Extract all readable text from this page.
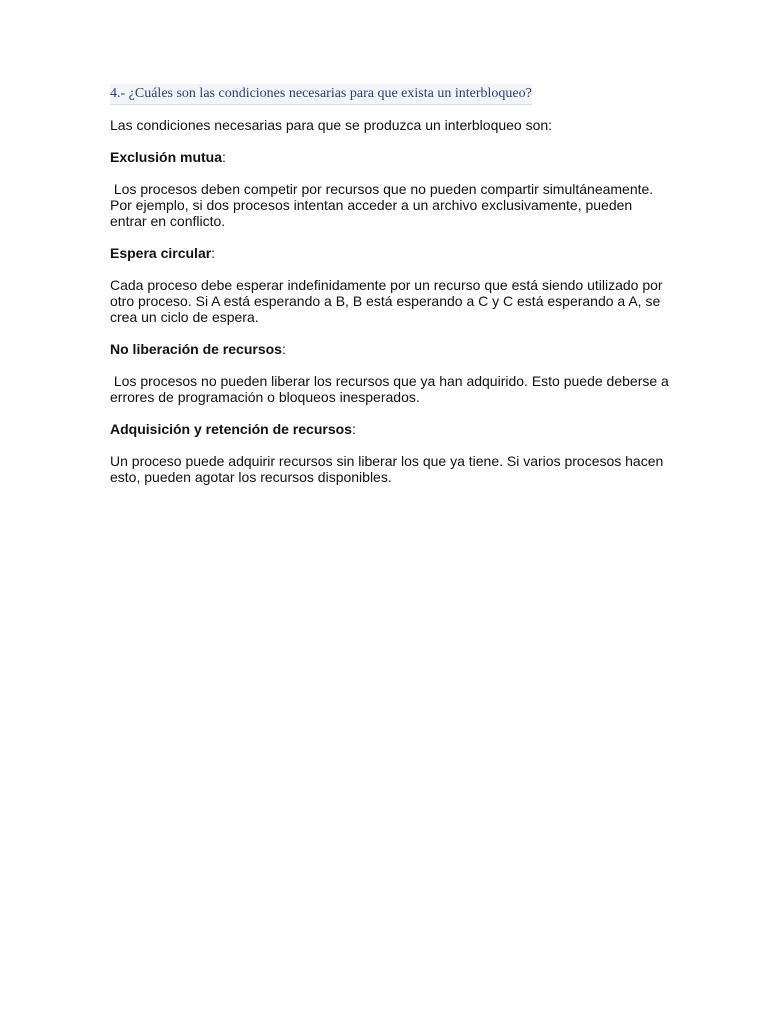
4.- ¿Cuáles son las condiciones necesarias para que exista un interbloqueo?

Las condiciones necesarias para que se produzca un interbloqueo son:

Exclusión mutua:

Los procesos deben competir por recursos que no pueden compartir simultáneamente. Por ejemplo, si dos procesos intentan acceder a un archivo exclusivamente, pueden entrar en conflicto.

Espera circular:

Cada proceso debe esperar indefinidamente por un recurso que está siendo utilizado por otro proceso. Si A está esperando a B, B está esperando a C y C está esperando a A, se crea un ciclo de espera.

No liberación de recursos:

Los procesos no pueden liberar los recursos que ya han adquirido. Esto puede deberse a errores de programación o bloqueos inesperados.

Adquisición y retención de recursos:

Un proceso puede adquirir recursos sin liberar los que ya tiene. Si varios procesos hacen esto, pueden agotar los recursos disponibles.
